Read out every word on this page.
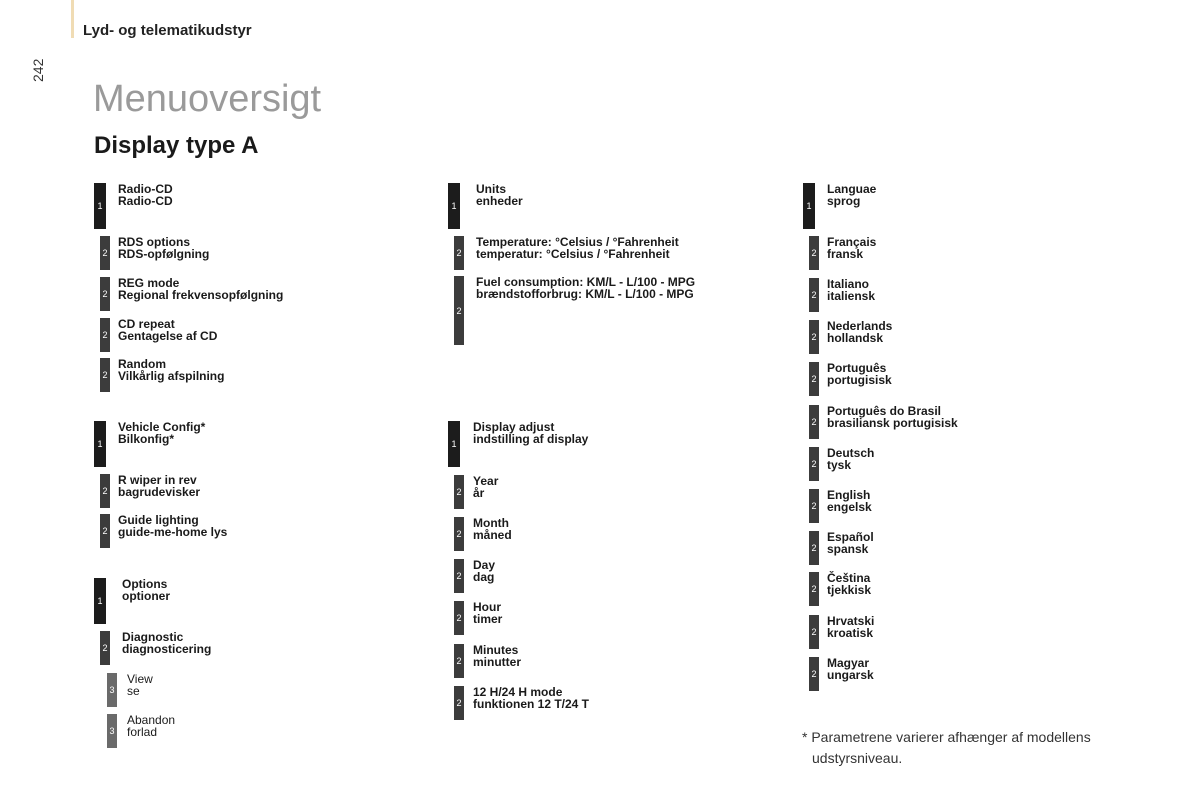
Lyd- og telematikudstyr
242
Menuoversigt
Display type A
1
Radio-CD
Radio-CD
2
RDS options
RDS-opfølgning
2
REG mode
Regional frekvensopfølgning
2
CD repeat
Gentagelse af CD
2
Random
Vilkårlig afspilning
1
Vehicle Config*
Bilkonfig*
2
R wiper in rev
bagrudevisker
2
Guide lighting
guide-me-home lys
1
Options
optioner
2
Diagnostic
diagnosticering
3
View
se
3
Abandon
forlad
1
Units
enheder
2
Temperature: °Celsius / °Fahrenheit
temperatur: °Celsius / °Fahrenheit
2
Fuel consumption: KM/L - L/100 - MPG
brændstofforbrug: KM/L - L/100 - MPG
1
Display adjust
indstilling af display
2
Year
år
2
Month
måned
2
Day
dag
2
Hour
timer
2
Minutes
minutter
2
12 H/24 H mode
funktionen 12 T/24 T
1
Languae
sprog
2
Français
fransk
2
Italiano
italiensk
2
Nederlands
hollandsk
2
Português
portugisisk
2
Português do Brasil
brasiliansk portugisisk
2
Deutsch
tysk
2
English
engelsk
2
Español
spansk
2
Čeština
tjekkisk
2
Hrvatski
kroatisk
2
Magyar
ungarsk
* Parametrene varierer afhænger af modellens
udstyrsniveau.
